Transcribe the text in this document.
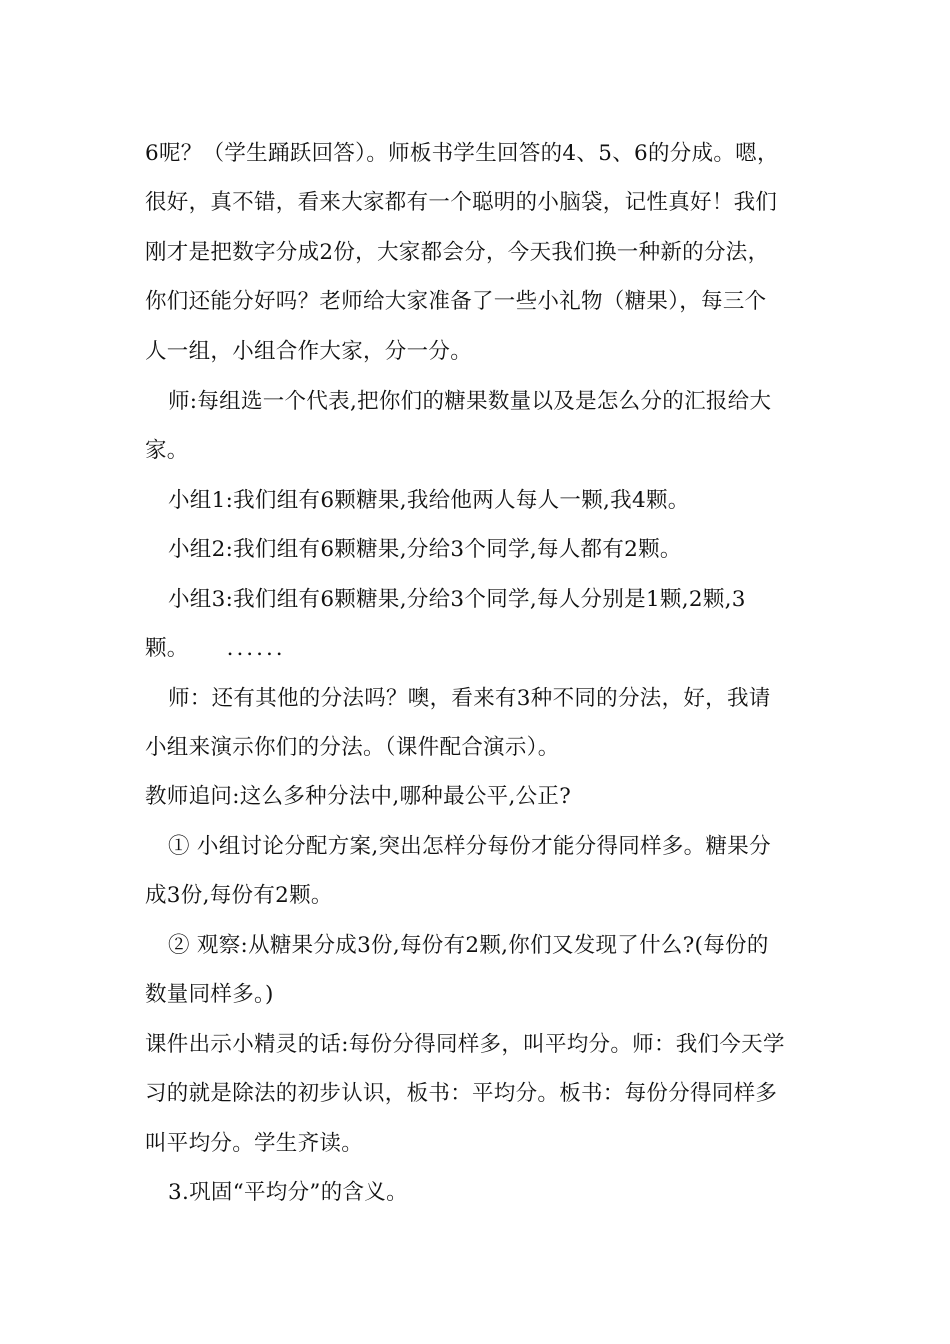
6呢？（学生踊跃回答）。师板书学生回答的4、5、6的分成。嗯，
很好，真不错，看来大家都有一个聪明的小脑袋，记性真好！我们
刚才是把数字分成2份，大家都会分，今天我们换一种新的分法，
你们还能分好吗？老师给大家准备了一些小礼物（糖果），每三个
人一组，小组合作大家，分一分。
师:每组选一个代表,把你们的糖果数量以及是怎么分的汇报给大
家。
小组1:我们组有6颗糖果,我给他两人每人一颗,我4颗。
小组2:我们组有6颗糖果,分给3个同学,每人都有2颗。
小组3:我们组有6颗糖果,分给3个同学,每人分别是1颗,2颗,3
颗。 ......
师：还有其他的分法吗？噢，看来有3种不同的分法，好，我请
小组来演示你们的分法。（课件配合演示）。
教师追问:这么多种分法中,哪种最公平,公正?
① 小组讨论分配方案,突出怎样分每份才能分得同样多。糖果分
成3份,每份有2颗。
② 观察:从糖果分成3份,每份有2颗,你们又发现了什么?(每份的
数量同样多。)
课件出示小精灵的话:每份分得同样多，叫平均分。师：我们今天学
习的就是除法的初步认识，板书：平均分。板书：每份分得同样多
叫平均分。学生齐读。
3.巩固“平均分”的含义。
